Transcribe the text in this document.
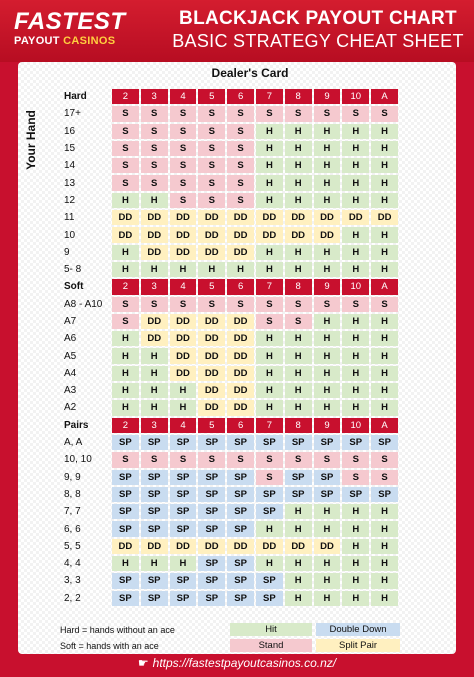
FASTEST
PAYOUT CASINOS
BLACKJACK PAYOUT CHART
BASIC STRATEGY CHEAT SHEET
Dealer's Card
Your Hand
Hard	2	3	4	5	6	7	8	9	10	A
17+	S	S	S	S	S	S	S	S	S	S
16	S	S	S	S	S	H	H	H	H	H
15	S	S	S	S	S	H	H	H	H	H
14	S	S	S	S	S	H	H	H	H	H
13	S	S	S	S	S	H	H	H	H	H
12	H	H	S	S	S	H	H	H	H	H
11	DD	DD	DD	DD	DD	DD	DD	DD	DD	DD
10	DD	DD	DD	DD	DD	DD	DD	DD	H	H
9	H	DD	DD	DD	DD	H	H	H	H	H
5- 8	H	H	H	H	H	H	H	H	H	H
Soft	2	3	4	5	6	7	8	9	10	A
A8 - A10	S	S	S	S	S	S	S	S	S	S
A7	S	DD	DD	DD	DD	S	S	H	H	H
A6	H	DD	DD	DD	DD	H	H	H	H	H
A5	H	H	DD	DD	DD	H	H	H	H	H
A4	H	H	DD	DD	DD	H	H	H	H	H
A3	H	H	H	DD	DD	H	H	H	H	H
A2	H	H	H	DD	DD	H	H	H	H	H
Pairs	2	3	4	5	6	7	8	9	10	A
A, A	SP	SP	SP	SP	SP	SP	SP	SP	SP	SP
10, 10	S	S	S	S	S	S	S	S	S	S
9, 9	SP	SP	SP	SP	SP	S	SP	SP	S	S
8, 8	SP	SP	SP	SP	SP	SP	SP	SP	SP	SP
7, 7	SP	SP	SP	SP	SP	SP	H	H	H	H
6, 6	SP	SP	SP	SP	SP	H	H	H	H	H
5, 5	DD	DD	DD	DD	DD	DD	DD	DD	H	H
4, 4	H	H	H	SP	SP	H	H	H	H	H
3, 3	SP	SP	SP	SP	SP	SP	H	H	H	H
2, 2	SP	SP	SP	SP	SP	SP	H	H	H	H
Hard = hands without an ace
Soft = hands with an ace
Hit	Double Down
Stand	Split Pair
☛ https://fastestpayoutcasinos.co.nz/
